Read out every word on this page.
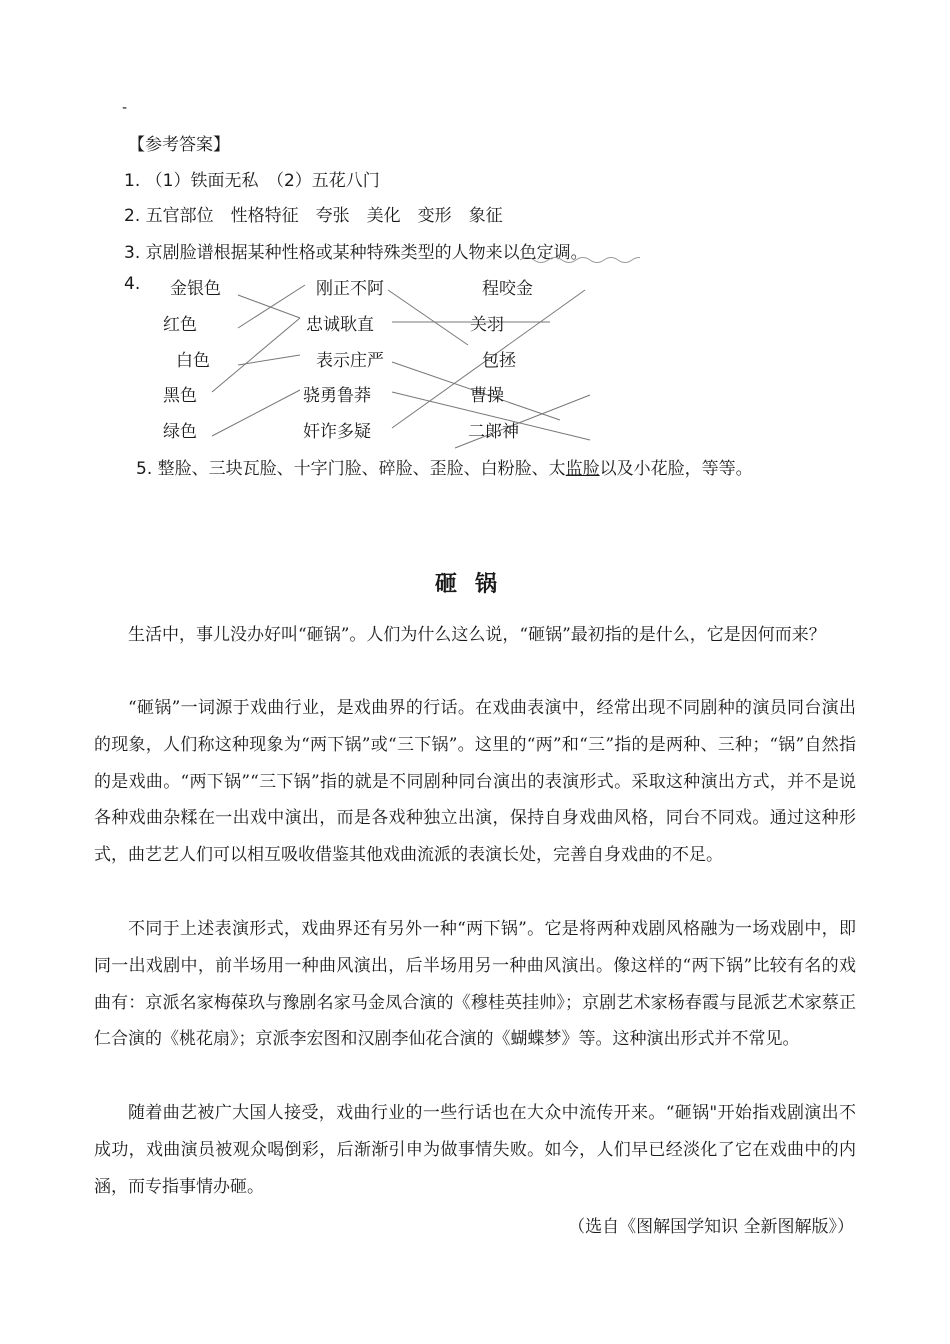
-
【参考答案】
1. （1）铁面无私　（2）五花八门
2. 五官部位　性格特征　夸张　美化　变形　象征
3. 京剧脸谱根据某种性格或某种特殊类型的人物来以色定调。
4. 金银色
红色
白色
黑色
绿色
刚正不阿
忠诚耿直
表示庄严
骁勇鲁莽
奸诈多疑
程咬金
关羽
包拯
曹操
二郎神
5. 整脸、三块瓦脸、十字门脸、碎脸、歪脸、白粉脸、太监脸以及小花脸，等等。
砸锅

生活中，事儿没办好叫“砸锅”。人们为什么这么说，“砸锅”最初指的是什么，它是因何而来？

“砸锅”一词源于戏曲行业，是戏曲界的行话。在戏曲表演中，经常出现不同剧种的演员同台演出的现象，人们称这种现象为“两下锅”或“三下锅”。这里的“两”和“三”指的是两种、三种；“锅”自然指的是戏曲。“两下锅”“三下锅”指的就是不同剧种同台演出的表演形式。采取这种演出方式，并不是说各种戏曲杂糅在一出戏中演出，而是各戏种独立出演，保持自身戏曲风格，同台不同戏。通过这种形式，曲艺艺人们可以相互吸收借鉴其他戏曲流派的表演长处，完善自身戏曲的不足。

不同于上述表演形式，戏曲界还有另外一种“两下锅”。它是将两种戏剧风格融为一场戏剧中，即同一出戏剧中，前半场用一种曲风演出，后半场用另一种曲风演出。像这样的“两下锅”比较有名的戏曲有：京派名家梅葆玖与豫剧名家马金凤合演的《穆桂英挂帅》；京剧艺术家杨春霞与昆派艺术家蔡正仁合演的《桃花扇》；京派李宏图和汉剧李仙花合演的《蝴蝶梦》等。这种演出形式并不常见。

随着曲艺被广大国人接受，戏曲行业的一些行话也在大众中流传开来。“砸锅"开始指戏剧演出不成功，戏曲演员被观众喝倒彩，后渐渐引申为做事情失败。如今，人们早已经淡化了它在戏曲中的内涵，而专指事情办砸。

（选自《图解国学知识 全新图解版》）
